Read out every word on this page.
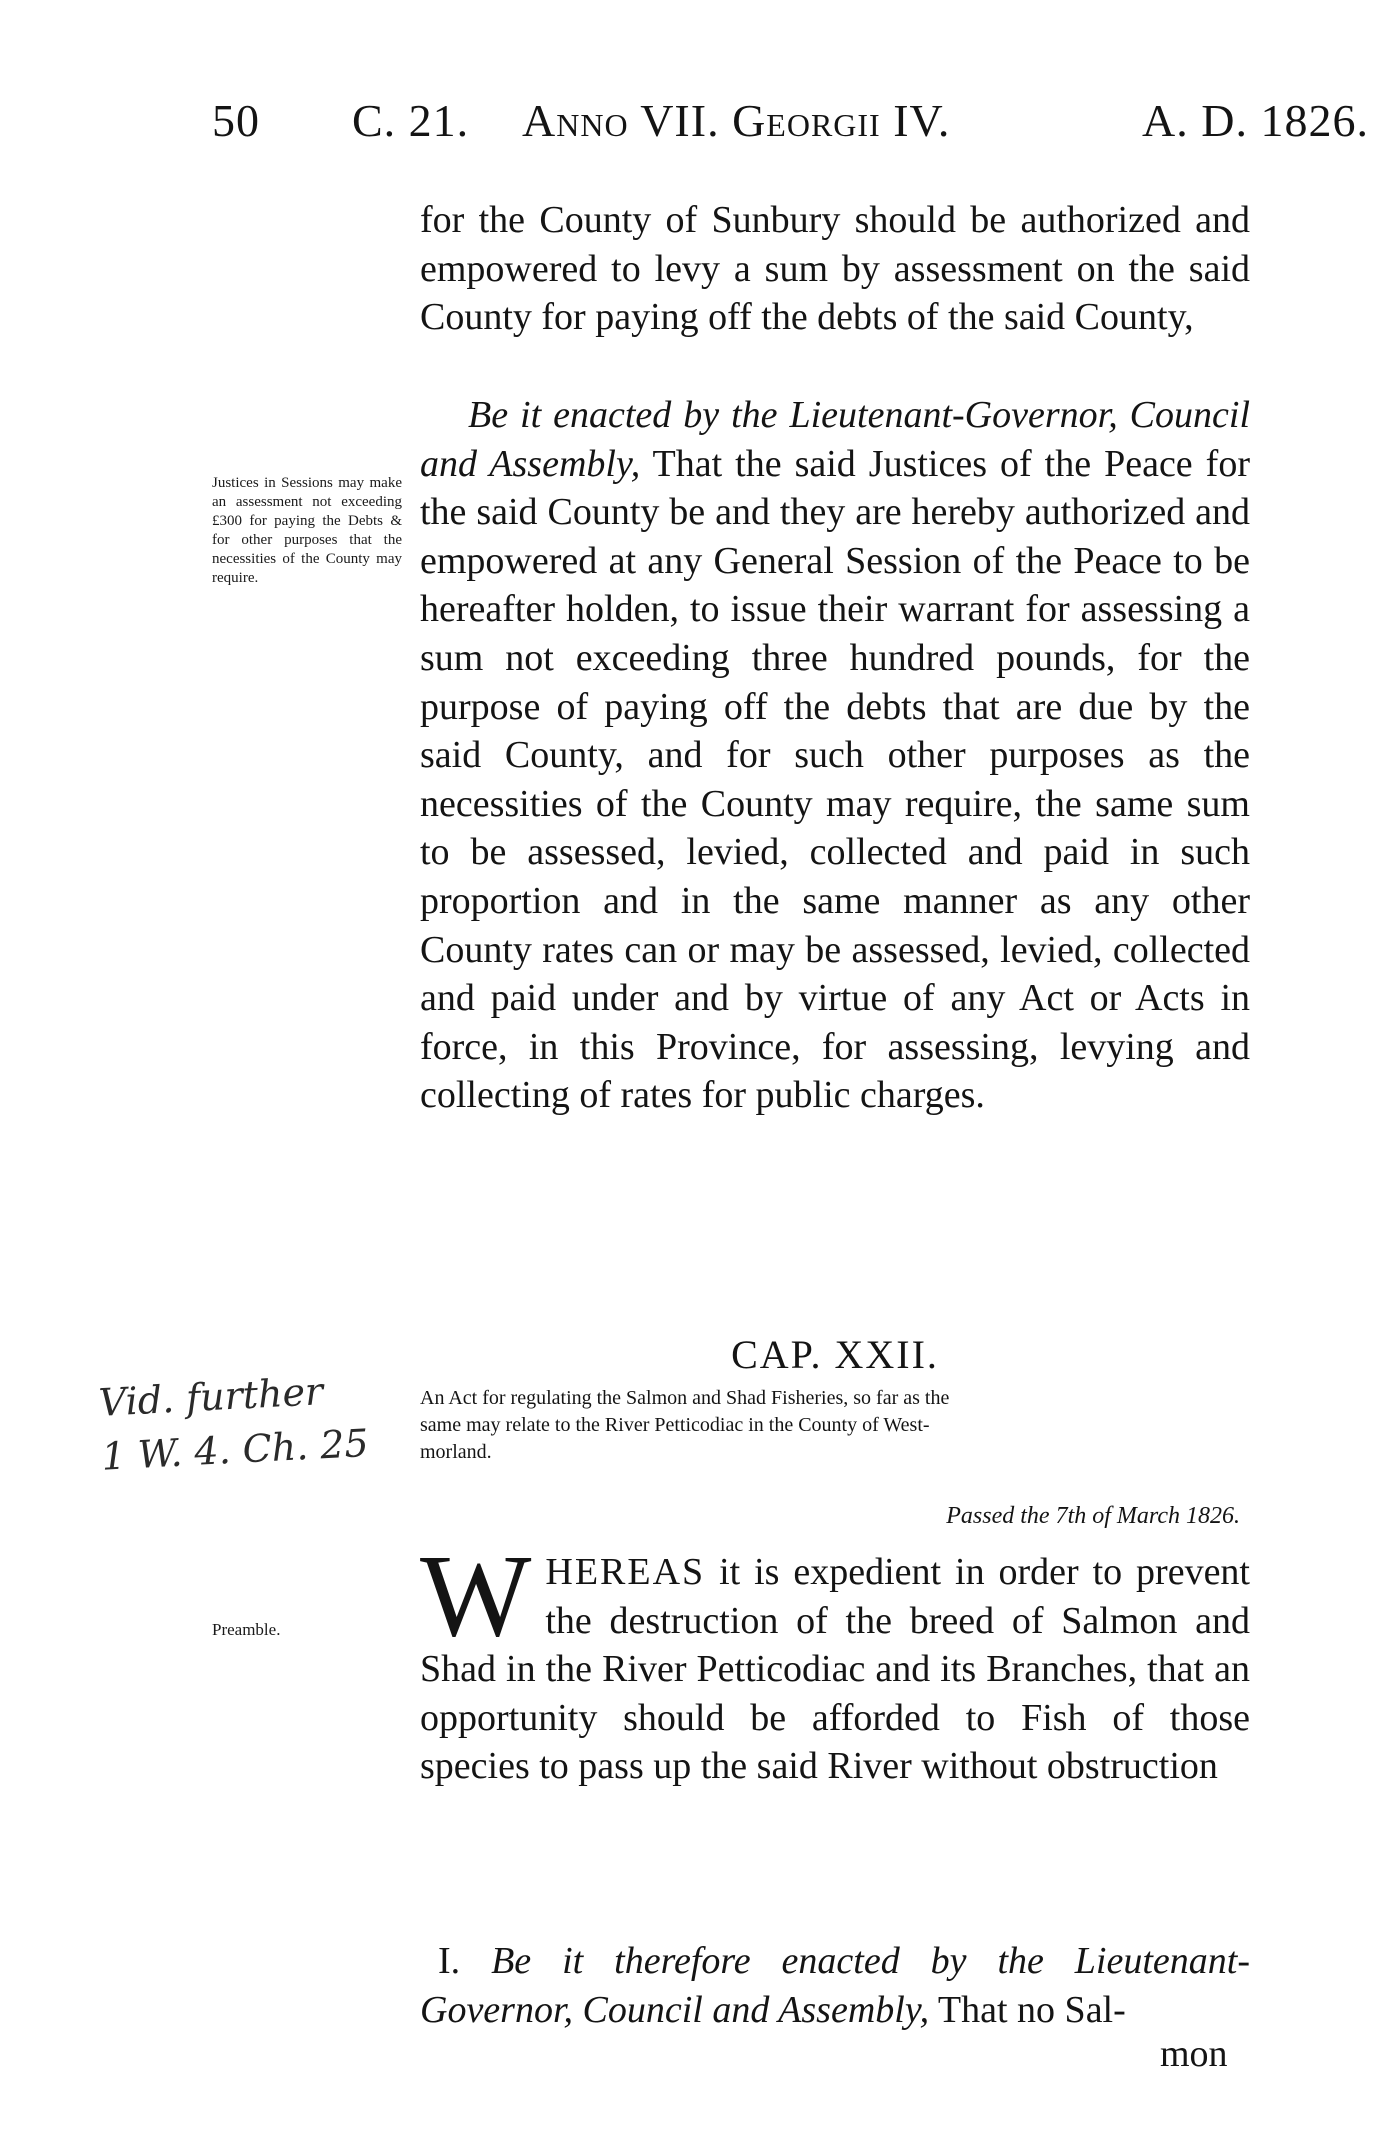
50 C. 21. Anno VII. Georgii IV.	A. D. 1826.

for the County of Sunbury should be authorized and empowered to levy a sum by assessment on the said County for paying off the debts of the said County,

Be it enacted by the Lieutenant-Governor, Council and Assembly, That the said Justices of the Peace for the said County be and they are hereby authorized and empowered at any General Session of the Peace to be hereafter holden, to issue their warrant for assessing a sum not exceeding three hundred pounds, for the purpose of paying off the debts that are due by the said County, and for such other purposes as the necessities of the County may require, the same sum to be assessed, levied, collected and paid in such proportion and in the same manner as any other County rates can or may be assessed, levied, collected and paid under and by virtue of any Act or Acts in force, in this Province, for assessing, levying and collecting of rates for public charges.

Justices in Sessions may make an assessment not exceeding £300 for paying the Debts & for other purposes that the necessities of the County may require.
Vid. further
1 W. 4. Ch. 25
CAP. XXII.
An Act for regulating the Salmon and Shad Fisheries, so far as the
same may relate to the River Petticodiac in the County of West-
morland.
Passed the 7th of March 1826.
Preamble.	WHEREAS it is expedient in order to prevent the destruction of the breed of Salmon and Shad in the River Petticodiac and its Branches, that an opportunity should be afforded to Fish of those species to pass up the said River without obstruction

I. Be it therefore enacted by the Lieutenant-Governor, Council and Assembly, That no Sal-

mon
